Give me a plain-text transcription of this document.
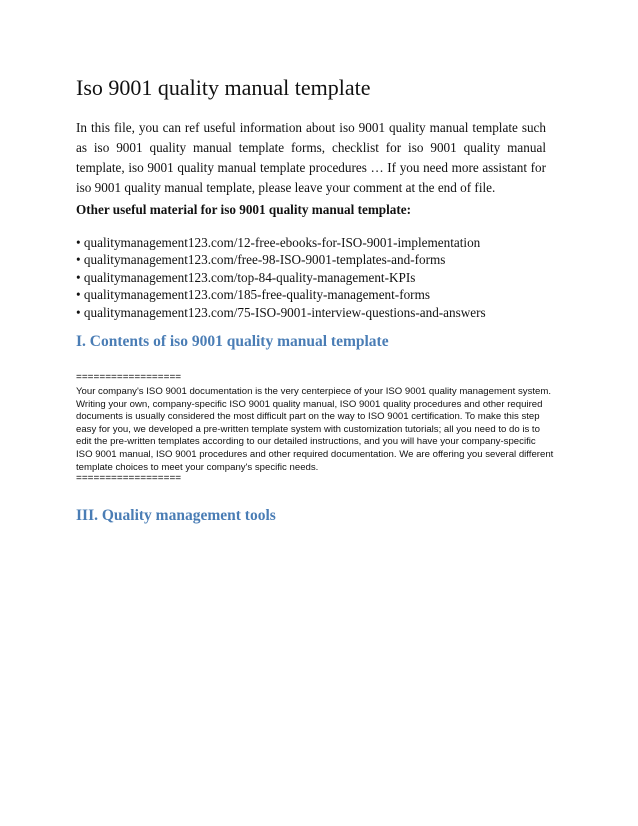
Iso 9001 quality manual template

In this file, you can ref useful information about iso 9001 quality manual template such as iso 9001 quality manual template forms, checklist for iso 9001 quality manual template, iso 9001 quality manual template procedures … If you need more assistant for iso 9001 quality manual template, please leave your comment at the end of file.

Other useful material for iso 9001 quality manual template:

• qualitymanagement123.com/12-free-ebooks-for-ISO-9001-implementation
• qualitymanagement123.com/free-98-ISO-9001-templates-and-forms
• qualitymanagement123.com/top-84-quality-management-KPIs
• qualitymanagement123.com/185-free-quality-management-forms
• qualitymanagement123.com/75-ISO-9001-interview-questions-and-answers
I. Contents of iso 9001 quality manual template

==================

Your company's ISO 9001 documentation is the very centerpiece of your ISO 9001 quality management system. Writing your own, company-specific ISO 9001 quality manual, ISO 9001 quality procedures and other required documents is usually considered the most difficult part on the way to ISO 9001 certification. To make this step easy for you, we developed a pre-written template system with customization tutorials; all you need to do is to edit the pre-written templates according to our detailed instructions, and you will have your company-specific ISO 9001 manual, ISO 9001 procedures and other required documentation. We are offering you several different template choices to meet your company's specific needs.

==================

III. Quality management tools
